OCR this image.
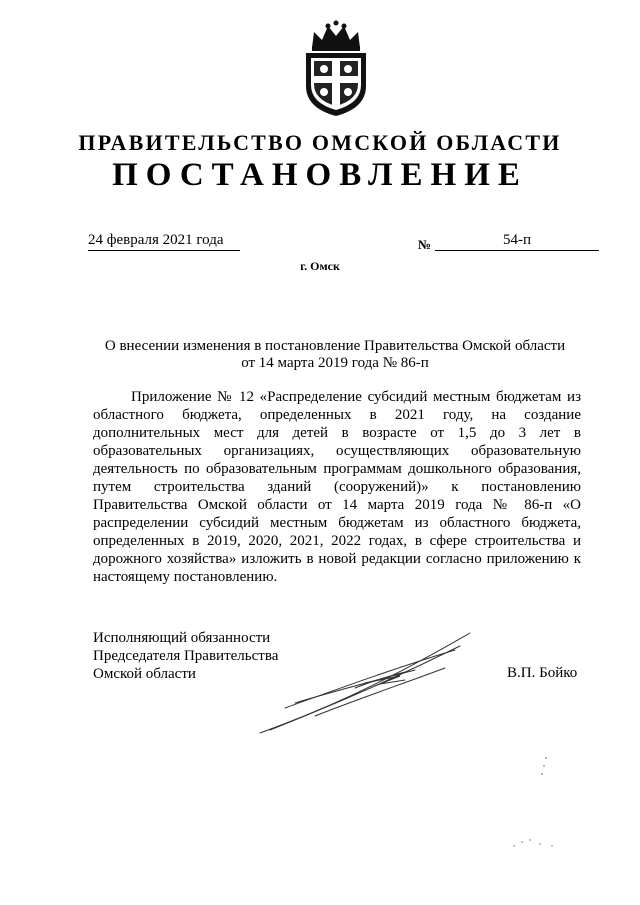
ПРАВИТЕЛЬСТВО ОМСКОЙ ОБЛАСТИ
ПОСТАНОВЛЕНИЕ
24 февраля 2021 года	№	54-п
г. Омск
О внесении изменения в постановление Правительства Омской области
от 14 марта 2019 года № 86-п

Приложение № 12 «Распределение субсидий местным бюджетам из областного бюджета, определенных в 2021 году, на создание дополнительных мест для детей в возрасте от 1,5 до 3 лет в образовательных организациях, осуществляющих образовательную деятельность по образовательным программам дошкольного образования, путем строительства зданий (сооружений)» к постановлению Правительства Омской области от 14 марта 2019 года № 86-п «О распределении субсидий местным бюджетам из областного бюджета, определенных в 2019, 2020, 2021, 2022 годах, в сфере строительства и дорожного хозяйства» изложить в новой редакции согласно приложению к настоящему постановлению.

Исполняющий обязанности
Председателя Правительства
Омской области	В.П. Бойко
